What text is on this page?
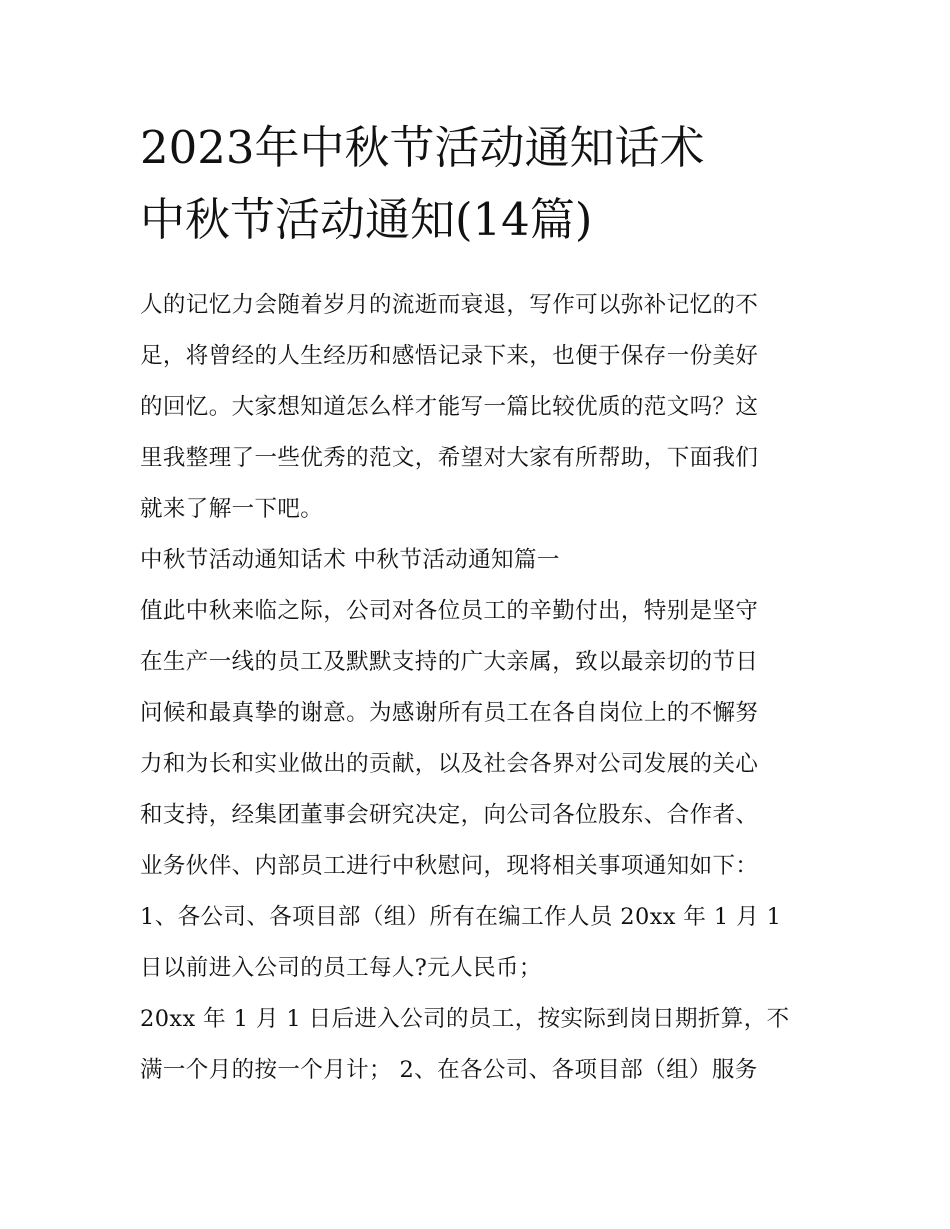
2023年中秋节活动通知话术
中秋节活动通知(14篇)

人的记忆力会随着岁月的流逝而衰退，写作可以弥补记忆的不
足，将曾经的人生经历和感悟记录下来，也便于保存一份美好
的回忆。大家想知道怎么样才能写一篇比较优质的范文吗？这
里我整理了一些优秀的范文，希望对大家有所帮助，下面我们
就来了解一下吧。

中秋节活动通知话术 中秋节活动通知篇一

值此中秋来临之际，公司对各位员工的辛勤付出，特别是坚守
在生产一线的员工及默默支持的广大亲属，致以最亲切的节日
问候和最真挚的谢意。为感谢所有员工在各自岗位上的不懈努
力和为长和实业做出的贡献，以及社会各界对公司发展的关心
和支持，经集团董事会研究决定，向公司各位股东、合作者、
业务伙伴、内部员工进行中秋慰问，现将相关事项通知如下：
1、各公司、各项目部（组）所有在编工作人员 20xx 年 1 月 1
日以前进入公司的员工每人?元人民币；
20xx 年 1 月 1 日后进入公司的员工，按实际到岗日期折算，不
满一个月的按一个月计； 2、在各公司、各项目部（组）服务
